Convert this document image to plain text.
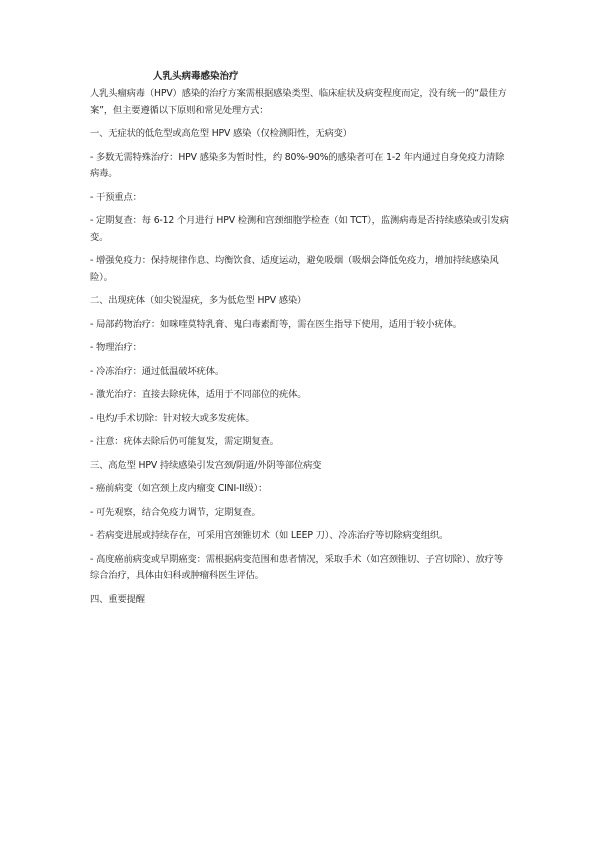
人乳头病毒感染治疗

人乳头瘤病毒（HPV）感染的治疗方案需根据感染类型、临床症状及病变程度而定，没有统一的“最佳方案”，但主要遵循以下原则和常见处理方式：

一、无症状的低危型或高危型 HPV 感染（仅检测阳性，无病变）

- 多数无需特殊治疗：HPV 感染多为暂时性，约 80%-90%的感染者可在 1-2 年内通过自身免疫力清除病毒。

- 干预重点：

- 定期复查：每 6-12 个月进行 HPV 检测和宫颈细胞学检查（如 TCT），监测病毒是否持续感染或引发病变。

- 增强免疫力：保持规律作息、均衡饮食、适度运动，避免吸烟（吸烟会降低免疫力，增加持续感染风险）。

二、出现疣体（如尖锐湿疣，多为低危型 HPV 感染）

- 局部药物治疗：如咪喹莫特乳膏、鬼臼毒素酊等，需在医生指导下使用，适用于较小疣体。

- 物理治疗：

- 冷冻治疗：通过低温破坏疣体。

- 激光治疗：直接去除疣体，适用于不同部位的疣体。

- 电灼/手术切除：针对较大或多发疣体。

- 注意：疣体去除后仍可能复发，需定期复查。

三、高危型 HPV 持续感染引发宫颈/阴道/外阴等部位病变

- 癌前病变（如宫颈上皮内瘤变 CINI-II级）：

- 可先观察，结合免疫力调节，定期复查。

- 若病变进展或持续存在，可采用宫颈锥切术（如 LEEP 刀）、冷冻治疗等切除病变组织。

- 高度癌前病变或早期癌变：需根据病变范围和患者情况，采取手术（如宫颈锥切、子宫切除）、放疗等综合治疗，具体由妇科或肿瘤科医生评估。

四、重要提醒
